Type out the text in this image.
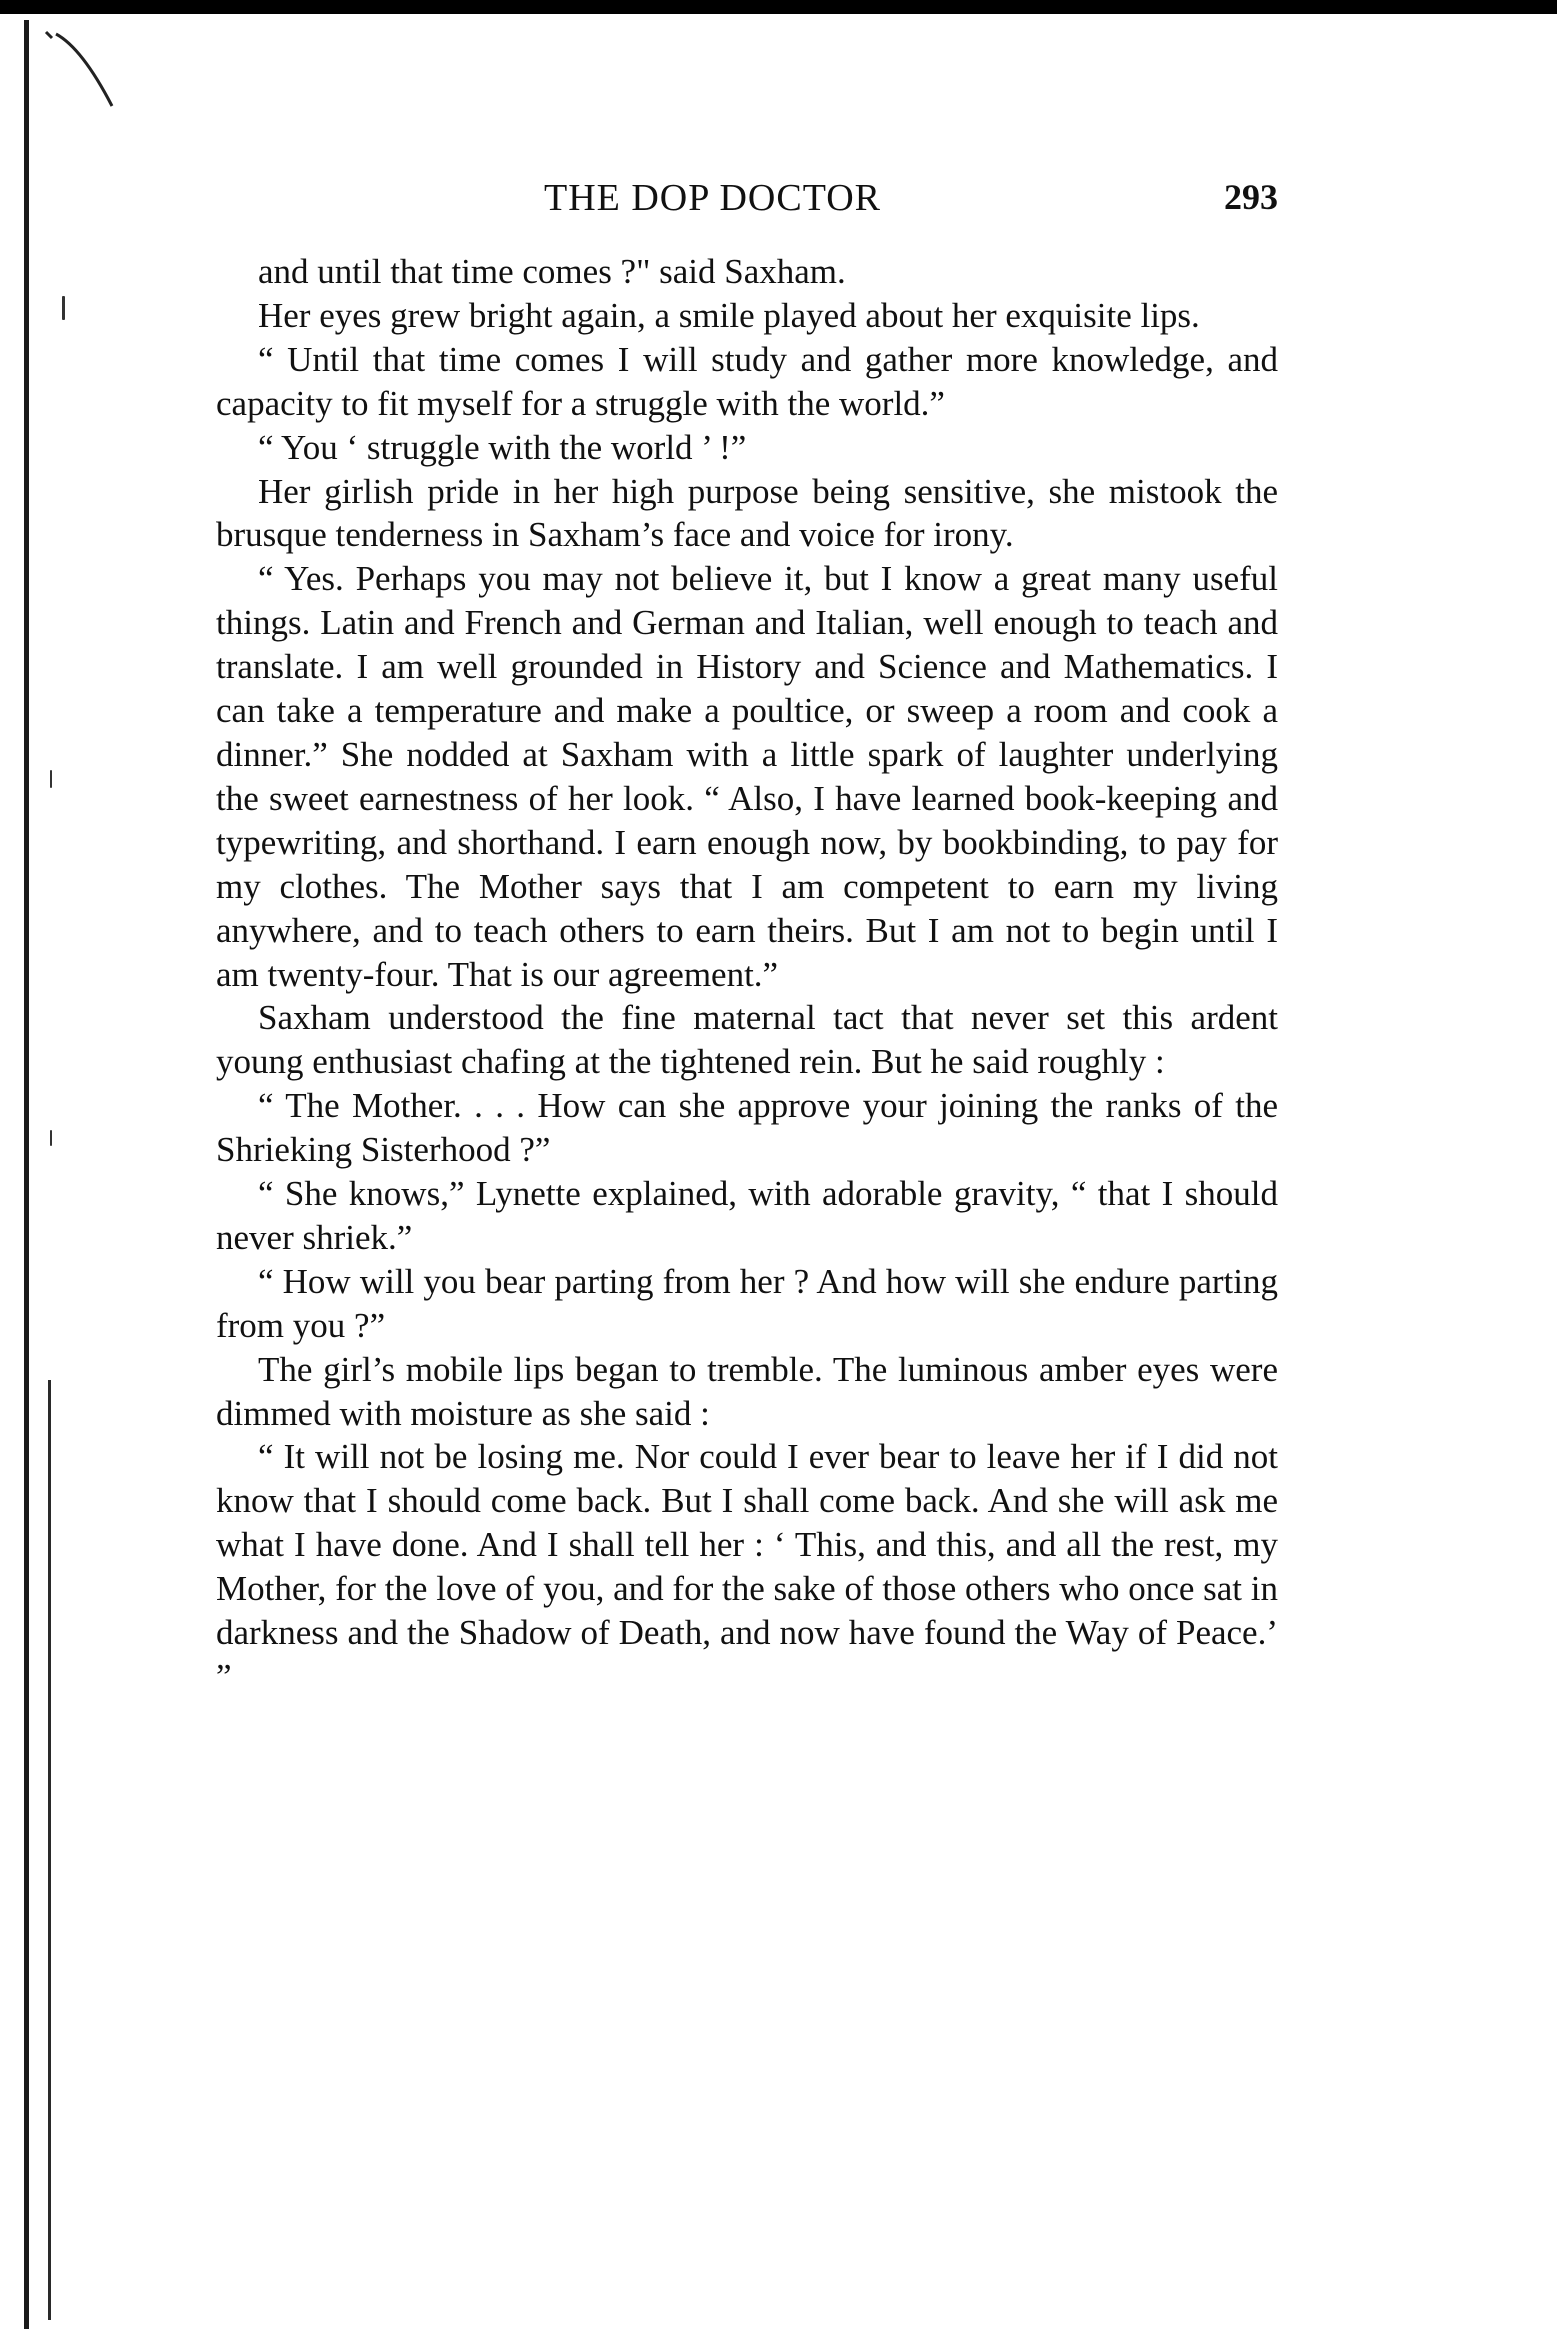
THE DOP DOCTOR	293

and until that time comes ?" said Saxham.

Her eyes grew bright again, a smile played about her exquisite lips.

“ Until that time comes I will study and gather more knowledge, and capacity to fit myself for a struggle with the world.”

“ You ‘ struggle with the world ’ !”

Her girlish pride in her high purpose being sensitive, she mistook the brusque tenderness in Saxham’s face and voice for irony.

“ Yes. Perhaps you may not believe it, but I know a great many useful things. Latin and French and German and Italian, well enough to teach and translate. I am well grounded in History and Science and Mathematics. I can take a temperature and make a poultice, or sweep a room and cook a dinner.” She nodded at Saxham with a little spark of laughter underlying the sweet earnestness of her look. “ Also, I have learned book-keeping and typewriting, and shorthand. I earn enough now, by bookbinding, to pay for my clothes. The Mother says that I am competent to earn my living anywhere, and to teach others to earn theirs. But I am not to begin until I am twenty-four. That is our agreement.”

Saxham understood the fine maternal tact that never set this ardent young enthusiast chafing at the tightened rein. But he said roughly :

“ The Mother. . . . How can she approve your joining the ranks of the Shrieking Sisterhood ?”

“ She knows,” Lynette explained, with adorable gravity, “ that I should never shriek.”

“ How will you bear parting from her ? And how will she endure parting from you ?”

The girl’s mobile lips began to tremble. The luminous amber eyes were dimmed with moisture as she said :

“ It will not be losing me. Nor could I ever bear to leave her if I did not know that I should come back. But I shall come back. And she will ask me what I have done. And I shall tell her : ‘ This, and this, and all the rest, my Mother, for the love of you, and for the sake of those others who once sat in darkness and the Shadow of Death, and now have found the Way of Peace.’ ”
